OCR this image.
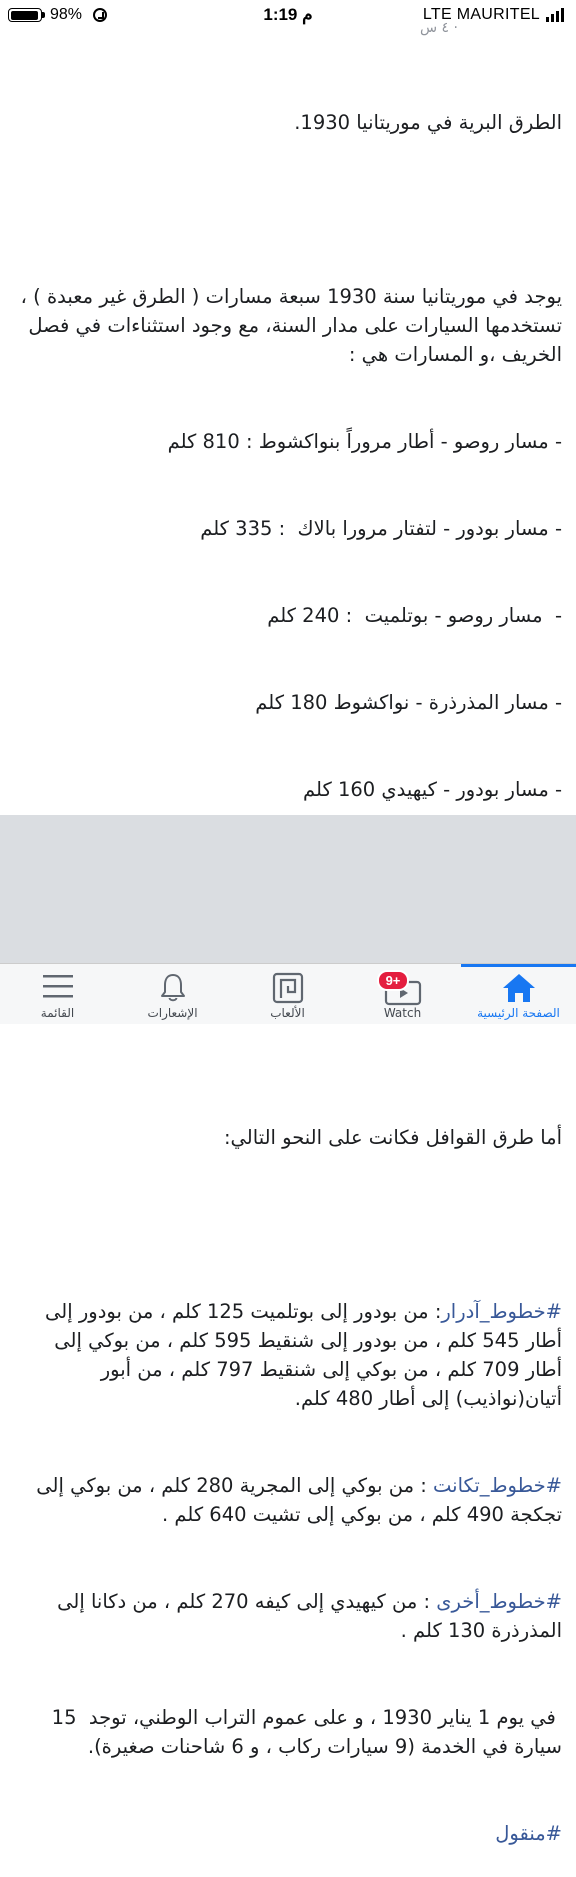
98%	1:19 م	LTE MAURITEL
٤ س ·

الطرق البرية في موريتانيا 1930.

يوجد في موريتانيا سنة 1930 سبعة مسارات ( الطرق غير معبدة ) ، تستخدمها السيارات على مدار السنة، مع وجود استثناءات في فصل الخريف ،و المسارات هي :

- مسار روصو - أطار مروراً بنواكشوط : 810 كلم

- مسار بودور - لتفتار مرورا بالاك  : 335 كلم

-  مسار روصو - بوتلميت  : 240 كلم

- مسار المذرذرة - نواكشوط 180 كلم

- مسار بودور - كيهيدي 160 كلم

أما طرق القوافل فكانت على النحو التالي:

#خطوط_آدرار: من بودور إلى بوتلميت 125 كلم ، من بودور إلى أطار 545 كلم ، من بودور إلى شنقيط 595 كلم ، من بوكي إلى أطار 709 كلم ، من بوكي إلى شنقيط 797 كلم ، من أبور أتيان(نواذيب) إلى أطار 480 كلم.

#خطوط_تكانت : من بوكي إلى المجرية 280 كلم ، من بوكي إلى تجكجة 490 كلم ، من بوكي إلى تشيت 640 كلم .

#خطوط_أخرى : من كيهيدي إلى كيفه 270 كلم ، من دكانا إلى المذرذرة 130 كلم .

في يوم 1 يناير 1930 ، و على عموم التراب الوطني، توجد  15 سيارة في الخدمة (9 سيارات ركاب ، و 6 شاحنات صغيرة).

#منقول

القائمة	الإشعارات	الألعاب
9+
Watch	الصفحة الرئيسية
